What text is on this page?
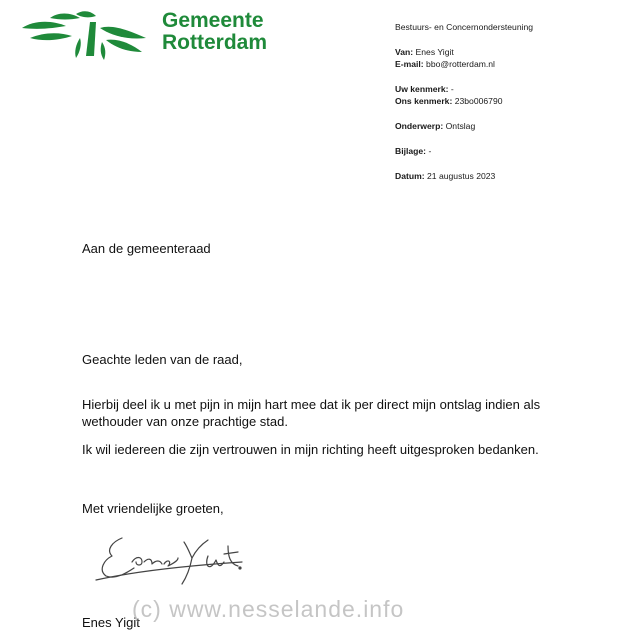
Gemeente
Rotterdam
Bestuurs- en Concernondersteuning
Van: Enes Yigit
E-mail: bbo@rotterdam.nl
Uw kenmerk: -
Ons kenmerk: 23bo006790
Onderwerp: Ontslag
Bijlage: -
Datum: 21 augustus 2023
Aan de gemeenteraad
Geachte leden van de raad,
Hierbij deel ik u met pijn in mijn hart mee dat ik per direct mijn ontslag indien als wethouder van onze prachtige stad.
Ik wil iedereen die zijn vertrouwen in mijn richting heeft uitgesproken bedanken.
Met vriendelijke groeten,
Enes Yigit
(c) www.nesselande.info
